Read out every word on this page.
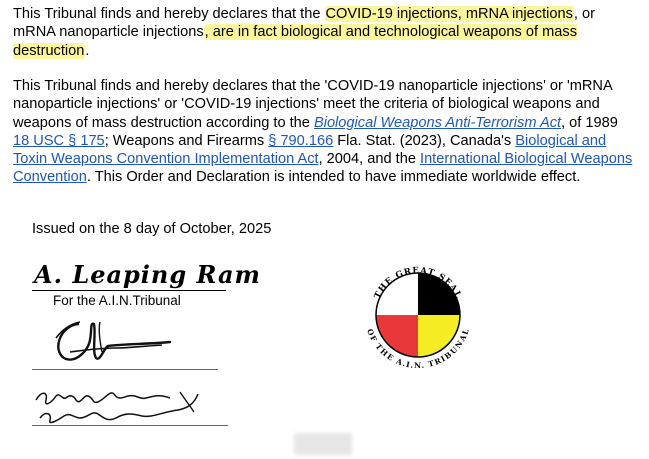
This Tribunal finds and hereby declares that the COVID-19 injections, mRNA injections, or mRNA nanoparticle injections, are in fact biological and technological weapons of mass destruction.
This Tribunal finds and hereby declares that the 'COVID-19 nanoparticle injections' or 'mRNA nanoparticle injections' or 'COVID-19 injections' meet the criteria of biological weapons and weapons of mass destruction according to the Biological Weapons Anti-Terrorism Act, of 1989 18 USC § 175; Weapons and Firearms § 790.166 Fla. Stat. (2023), Canada's Biological and Toxin Weapons Convention Implementation Act, 2004, and the International Biological Weapons Convention. This Order and Declaration is intended to have immediate worldwide effect.
Issued on the 8 day of October, 2025
A. Leaping Ram
For the A.I.N.Tribunal	THE GREAT SEAL
OF THE A.I.N. TRIBUNAL
